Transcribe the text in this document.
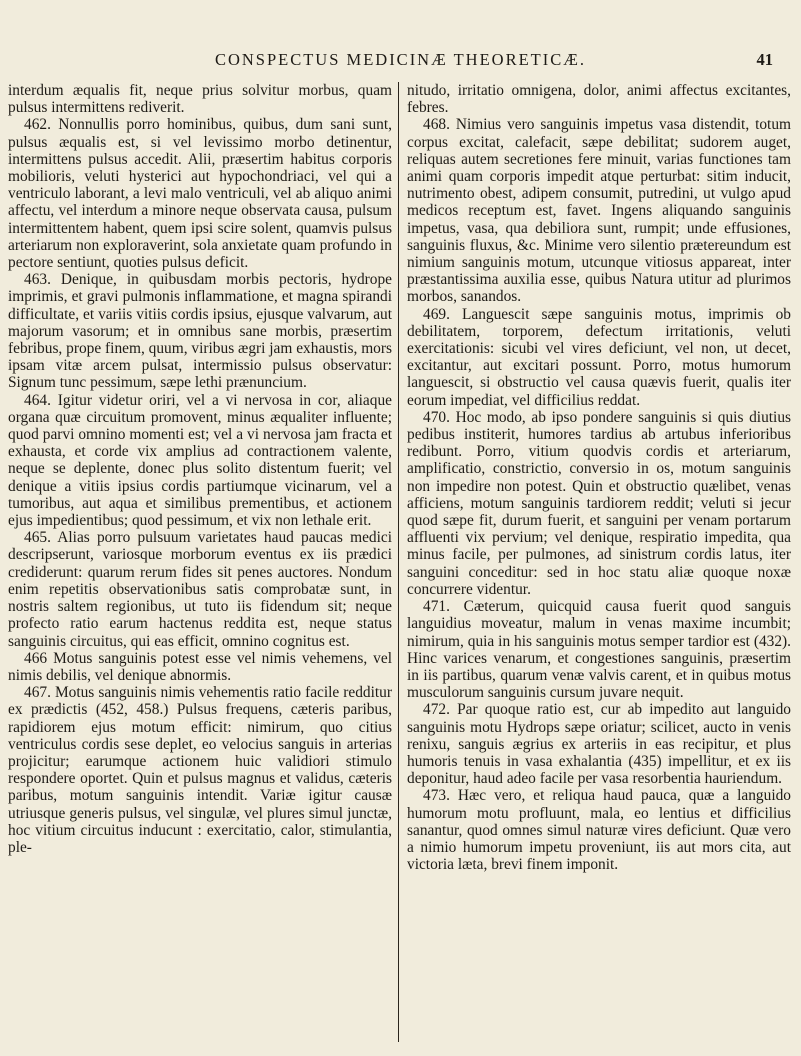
CONSPECTUS MEDICINÆ THEORETICÆ.	41

interdum æqualis fit, neque prius solvitur morbus, quam pulsus intermittens rediverit.

462. Nonnullis porro hominibus, quibus, dum sani sunt, pulsus æqualis est, si vel levissimo morbo detinentur, intermittens pulsus accedit. Alii, præsertim habitus corporis mobilioris, veluti hysterici aut hypochondriaci, vel qui a ventriculo laborant, a levi malo ventriculi, vel ab aliquo animi affectu, vel interdum a minore neque observata causa, pulsum intermittentem habent, quem ipsi scire solent, quamvis pulsus arteriarum non exploraverint, sola anxietate quam profundo in pectore sentiunt, quoties pulsus deficit.

463. Denique, in quibusdam morbis pectoris, hydrope imprimis, et gravi pulmonis inflammatione, et magna spirandi difficultate, et variis vitiis cordis ipsius, ejusque valvarum, aut majorum vasorum; et in omnibus sane morbis, præsertim febribus, prope finem, quum, viribus ægri jam exhaustis, mors ipsam vitæ arcem pulsat, intermissio pulsus observatur: Signum tunc pessimum, sæpe lethi prænuncium.

464. Igitur videtur oriri, vel a vi nervosa in cor, aliaque organa quæ circuitum promovent, minus æqualiter influente; quod parvi omnino momenti est; vel a vi nervosa jam fracta et exhausta, et corde vix amplius ad contractionem valente, neque se deplente, donec plus solito distentum fuerit; vel denique a vitiis ipsius cordis partiumque vicinarum, vel a tumoribus, aut aqua et similibus prementibus, et actionem ejus impedientibus; quod pessimum, et vix non lethale erit.

465. Alias porro pulsuum varietates haud paucas medici descripserunt, variosque morborum eventus ex iis prædici crediderunt: quarum rerum fides sit penes auctores. Nondum enim repetitis observationibus satis comprobatæ sunt, in nostris saltem regionibus, ut tuto iis fidendum sit; neque profecto ratio earum hactenus reddita est, neque status sanguinis circuitus, qui eas efficit, omnino cognitus est.

466 Motus sanguinis potest esse vel nimis vehemens, vel nimis debilis, vel denique abnormis.

467. Motus sanguinis nimis vehementis ratio facile redditur ex prædictis (452, 458.) Pulsus frequens, cæteris paribus, rapidiorem ejus motum efficit: nimirum, quo citius ventriculus cordis sese deplet, eo velocius sanguis in arterias projicitur; earumque actionem huic validiori stimulo respondere oportet. Quin et pulsus magnus et validus, cæteris paribus, motum sanguinis intendit. Variæ igitur causæ utriusque generis pulsus, vel singulæ, vel plures simul junctæ, hoc vitium circuitus inducunt : exercitatio, calor, stimulantia, ple-

nitudo, irritatio omnigena, dolor, animi affectus excitantes, febres.

468. Nimius vero sanguinis impetus vasa distendit, totum corpus excitat, calefacit, sæpe debilitat; sudorem auget, reliquas autem secretiones fere minuit, varias functiones tam animi quam corporis impedit atque perturbat: sitim inducit, nutrimento obest, adipem consumit, putredini, ut vulgo apud medicos receptum est, favet. Ingens aliquando sanguinis impetus, vasa, qua debiliora sunt, rumpit; unde effusiones, sanguinis fluxus, &c. Minime vero silentio prætereundum est nimium sanguinis motum, utcunque vitiosus appareat, inter præstantissima auxilia esse, quibus Natura utitur ad plurimos morbos, sanandos.

469. Languescit sæpe sanguinis motus, imprimis ob debilitatem, torporem, defectum irritationis, veluti exercitationis: sicubi vel vires deficiunt, vel non, ut decet, excitantur, aut excitari possunt. Porro, motus humorum languescit, si obstructio vel causa quævis fuerit, qualis iter eorum impediat, vel difficilius reddat.

470. Hoc modo, ab ipso pondere sanguinis si quis diutius pedibus institerit, humores tardius ab artubus inferioribus redibunt. Porro, vitium quodvis cordis et arteriarum, amplificatio, constrictio, conversio in os, motum sanguinis non impedire non potest. Quin et obstructio quælibet, venas afficiens, motum sanguinis tardiorem reddit; veluti si jecur quod sæpe fit, durum fuerit, et sanguini per venam portarum affluenti vix pervium; vel denique, respiratio impedita, qua minus facile, per pulmones, ad sinistrum cordis latus, iter sanguini conceditur: sed in hoc statu aliæ quoque noxæ concurrere videntur.

471. Cæterum, quicquid causa fuerit quod sanguis languidius moveatur, malum in venas maxime incumbit; nimirum, quia in his sanguinis motus semper tardior est (432). Hinc varices venarum, et congestiones sanguinis, præsertim in iis partibus, quarum venæ valvis carent, et in quibus motus musculorum sanguinis cursum juvare nequit.

472. Par quoque ratio est, cur ab impedito aut languido sanguinis motu Hydrops sæpe oriatur; scilicet, aucto in venis renixu, sanguis ægrius ex arteriis in eas recipitur, et plus humoris tenuis in vasa exhalantia (435) impellitur, et ex iis deponitur, haud adeo facile per vasa resorbentia hauriendum.

473. Hæc vero, et reliqua haud pauca, quæ a languido humorum motu profluunt, mala, eo lentius et difficilius sanantur, quod omnes simul naturæ vires deficiunt. Quæ vero a nimio humorum impetu proveniunt, iis aut mors cita, aut victoria læta, brevi finem imponit.
